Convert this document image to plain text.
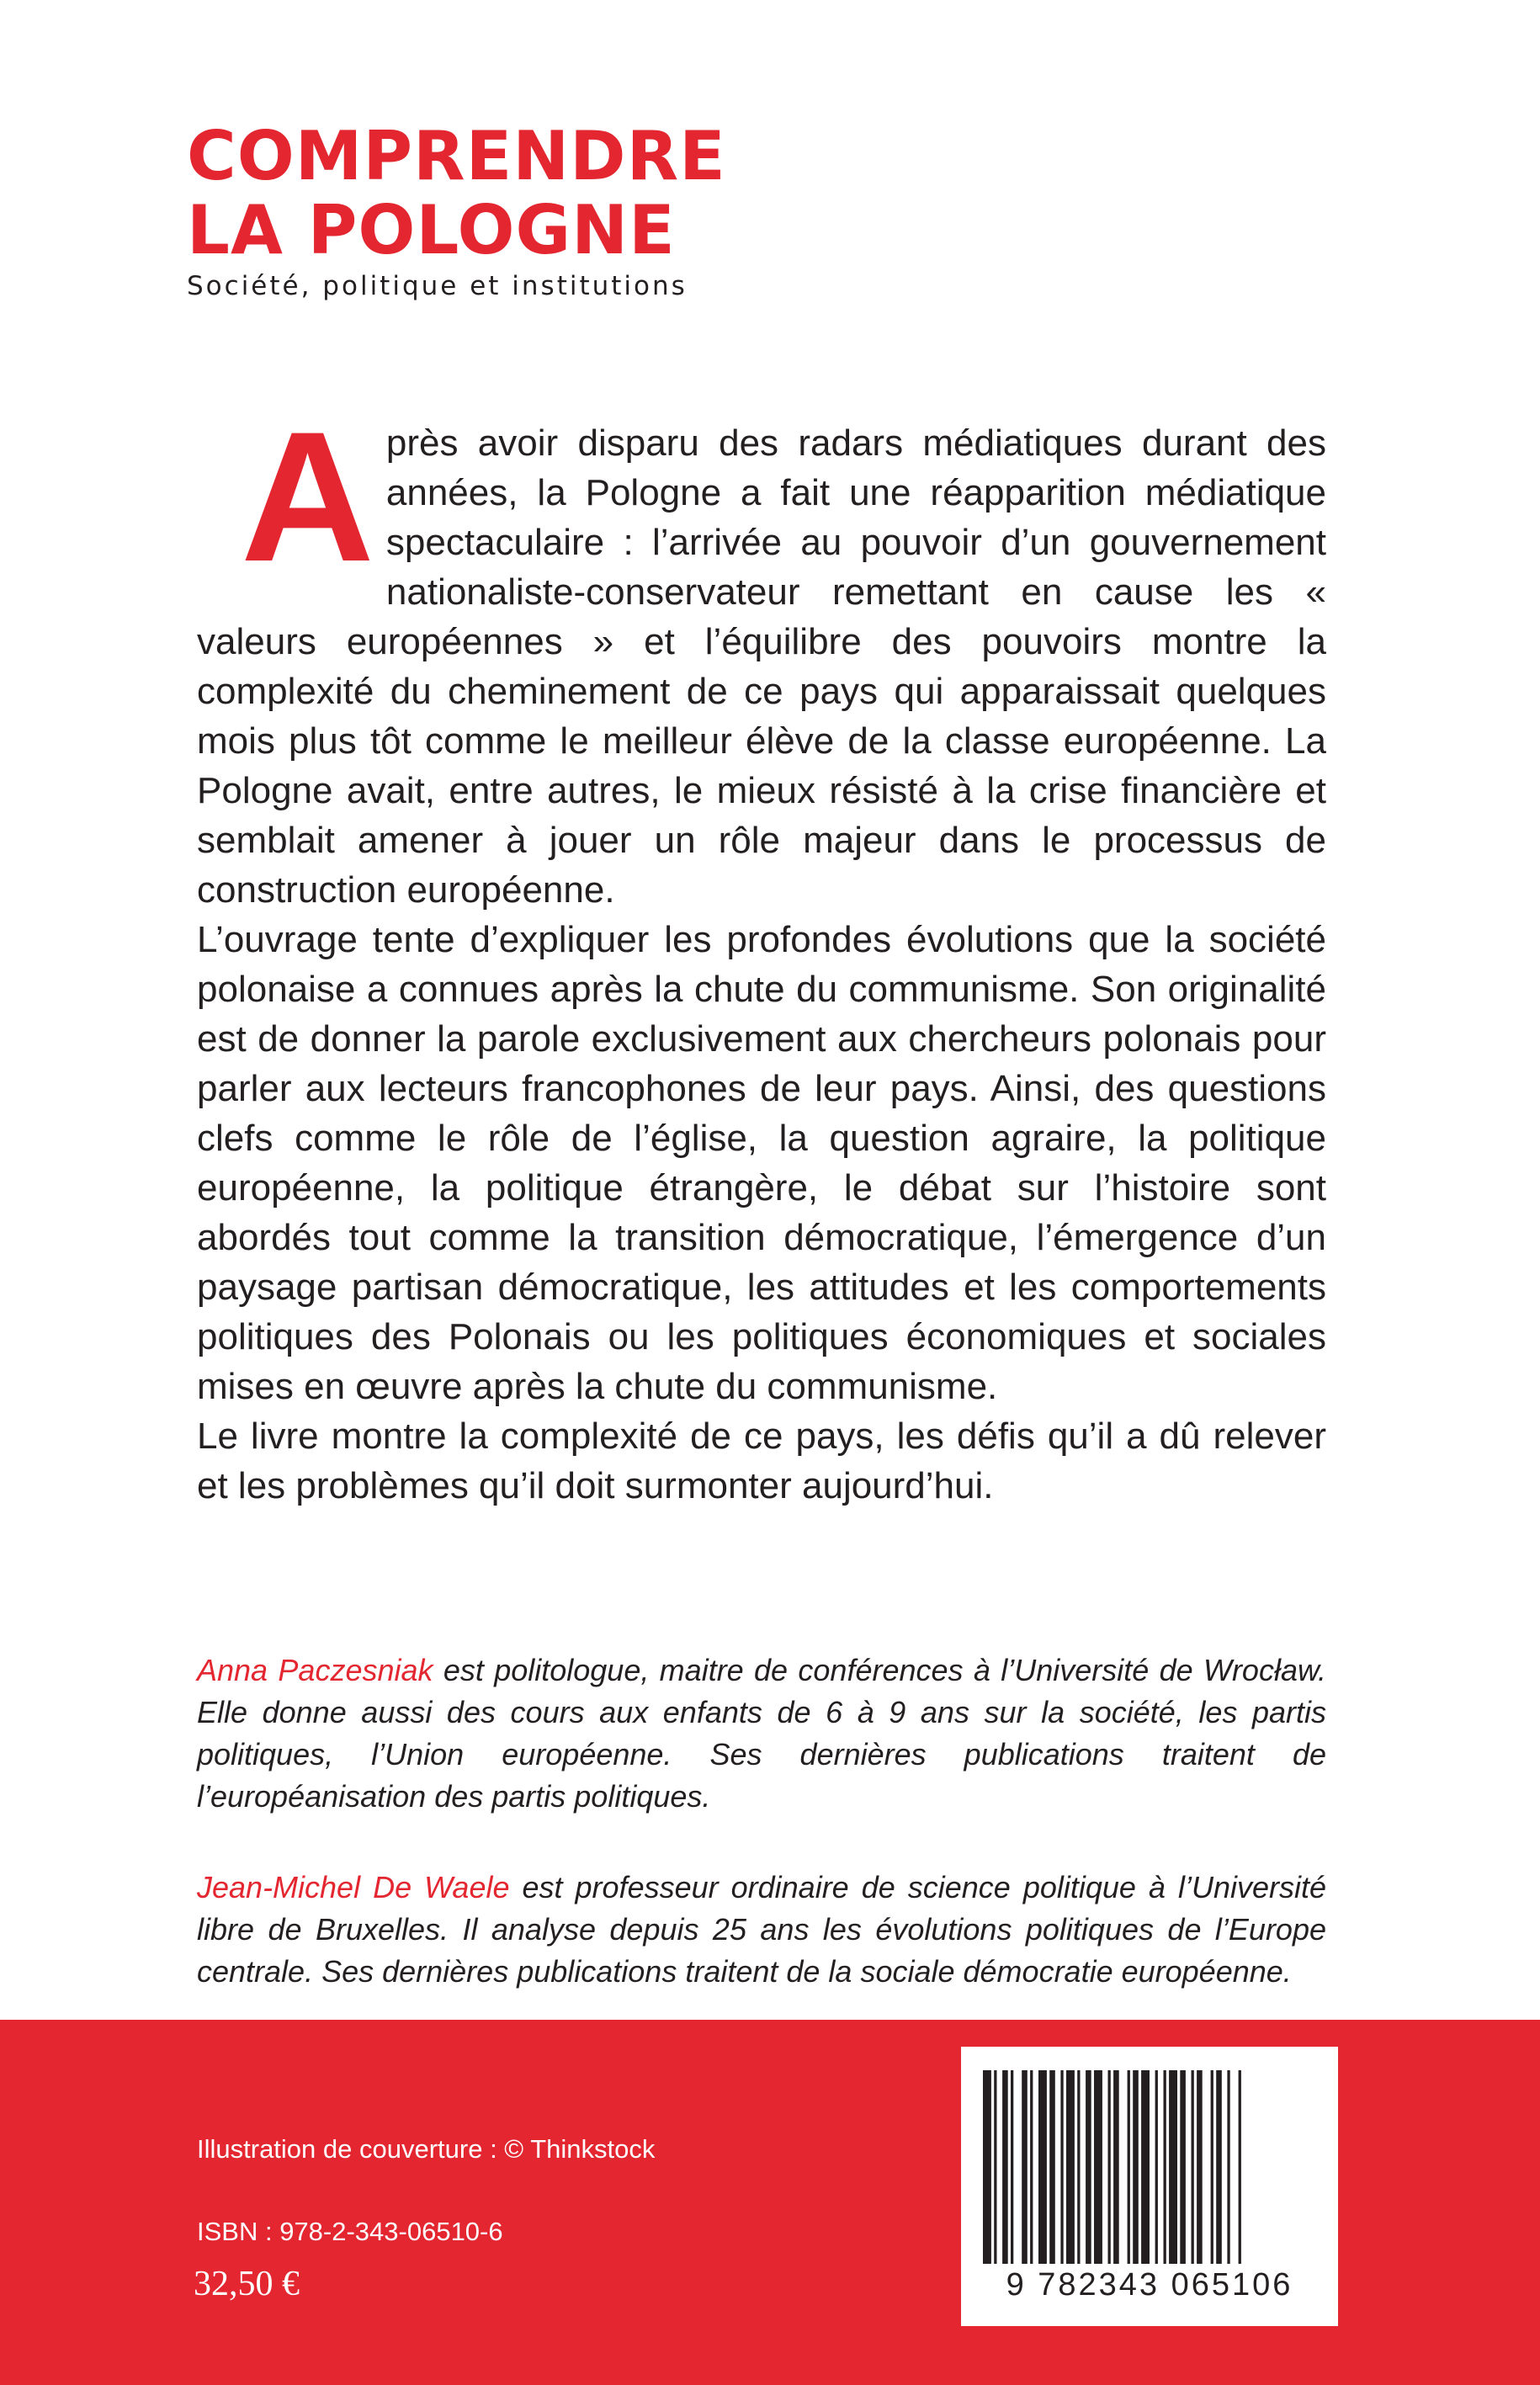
COMPRENDRE
LA POLOGNE
Société, politique et institutions

Après avoir disparu des radars médiatiques durant des années, la Pologne a fait une réapparition médiatique spectaculaire : l’arrivée au pouvoir d’un gouvernement nationaliste-conservateur remettant en cause les « valeurs européennes » et l’équilibre des pouvoirs montre la complexité du cheminement de ce pays qui apparaissait quelques mois plus tôt comme le meilleur élève de la classe européenne. La Pologne avait, entre autres, le mieux résisté à la crise financière et semblait amener à jouer un rôle majeur dans le processus de construction européenne.

L’ouvrage tente d’expliquer les profondes évolutions que la société polonaise a connues après la chute du communisme. Son originalité est de donner la parole exclusivement aux chercheurs polonais pour parler aux lecteurs francophones de leur pays. Ainsi, des questions clefs comme le rôle de l’église, la question agraire, la politique européenne, la politique étrangère, le débat sur l’histoire sont abordés tout comme la transition démocratique, l’émergence d’un paysage partisan démocratique, les attitudes et les comportements politiques des Polonais ou les politiques économiques et sociales mises en œuvre après la chute du communisme.

Le livre montre la complexité de ce pays, les défis qu’il a dû relever et les problèmes qu’il doit surmonter aujourd’hui.

Anna Paczesniak est politologue, maitre de conférences à l’Université de Wrocław. Elle donne aussi des cours aux enfants de 6 à 9 ans sur la société, les partis politiques, l’Union européenne. Ses dernières publications traitent de l’européanisation des partis politiques.
Jean-Michel De Waele est professeur ordinaire de science politique à l’Université libre de Bruxelles. Il analyse depuis 25 ans les évolutions politiques de l’Europe centrale. Ses dernières publications traitent de la sociale démocratie européenne.
Illustration de couverture : © Thinkstock
ISBN : 978-2-343-06510-6
32,50 €	9 782343 065106
